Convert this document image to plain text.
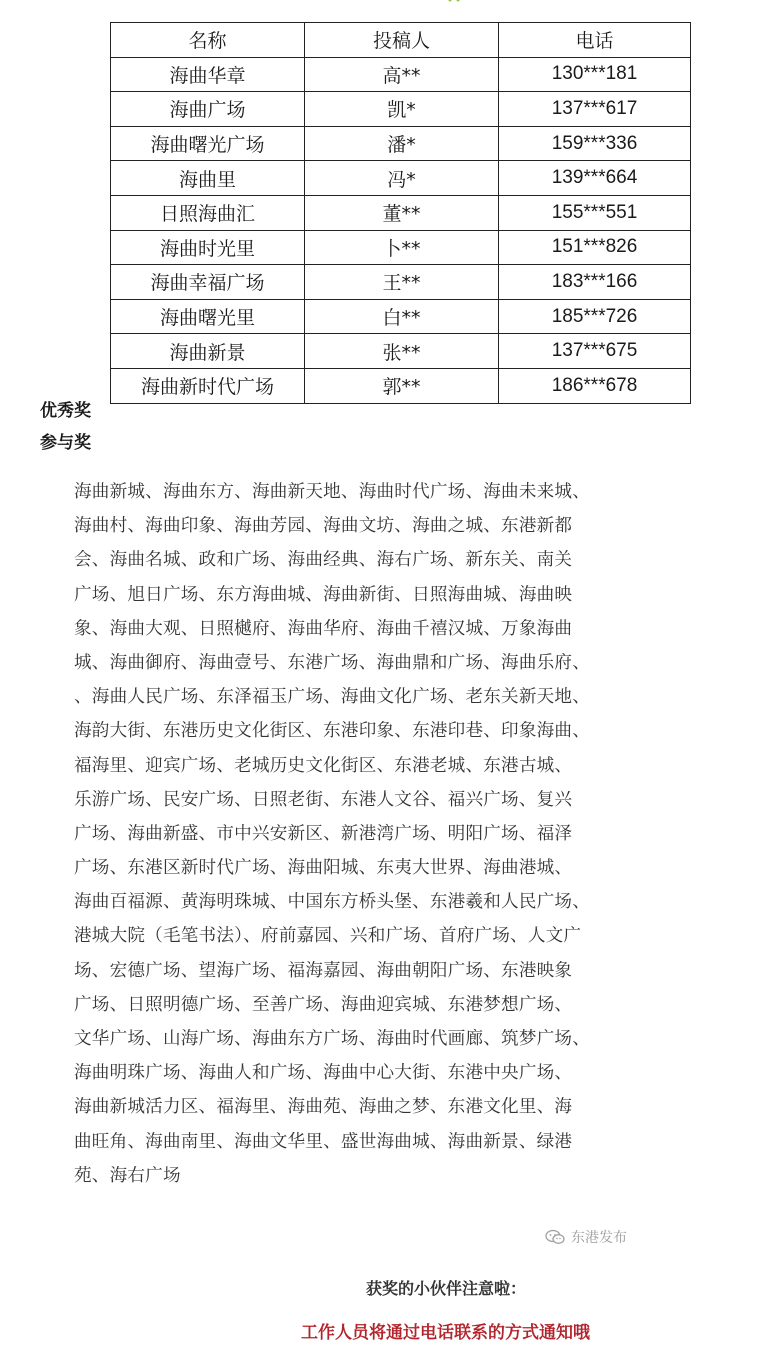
名称	投稿人	电话
海曲华章	高**	130***181
海曲广场	凯*	137***617
海曲曙光广场	潘*	159***336
海曲里	冯*	139***664
日照海曲汇	董**	155***551
海曲时光里	卜**	151***826
海曲幸福广场	王**	183***166
海曲曙光里	白**	185***726
海曲新景	张**	137***675
海曲新时代广场	郭**	186***678
优秀奖
参与奖
海曲新城、海曲东方、海曲新天地、海曲时代广场、海曲未来城、
海曲村、海曲印象、海曲芳园、海曲文坊、海曲之城、东港新都
会、海曲名城、政和广场、海曲经典、海右广场、新东关、南关
广场、旭日广场、东方海曲城、海曲新街、日照海曲城、海曲映
象、海曲大观、日照樾府、海曲华府、海曲千禧汉城、万象海曲
城、海曲御府、海曲壹号、东港广场、海曲鼎和广场、海曲乐府、
、海曲人民广场、东泽福玉广场、海曲文化广场、老东关新天地、
海韵大街、东港历史文化街区、东港印象、东港印巷、印象海曲、
福海里、迎宾广场、老城历史文化街区、东港老城、东港古城、
乐游广场、民安广场、日照老街、东港人文谷、福兴广场、复兴
广场、海曲新盛、市中兴安新区、新港湾广场、明阳广场、福泽
广场、东港区新时代广场、海曲阳城、东夷大世界、海曲港城、
海曲百福源、黄海明珠城、中国东方桥头堡、东港羲和人民广场、
港城大院（毛笔书法）、府前嘉园、兴和广场、首府广场、人文广
场、宏德广场、望海广场、福海嘉园、海曲朝阳广场、东港映象
广场、日照明德广场、至善广场、海曲迎宾城、东港梦想广场、
文华广场、山海广场、海曲东方广场、海曲时代画廊、筑梦广场、
海曲明珠广场、海曲人和广场、海曲中心大街、东港中央广场、
海曲新城活力区、福海里、海曲苑、海曲之梦、东港文化里、海
曲旺角、海曲南里、海曲文华里、盛世海曲城、海曲新景、绿港
苑、海右广场
东港发布
获奖的小伙伴注意啦：
工作人员将通过电话联系的方式通知哦
